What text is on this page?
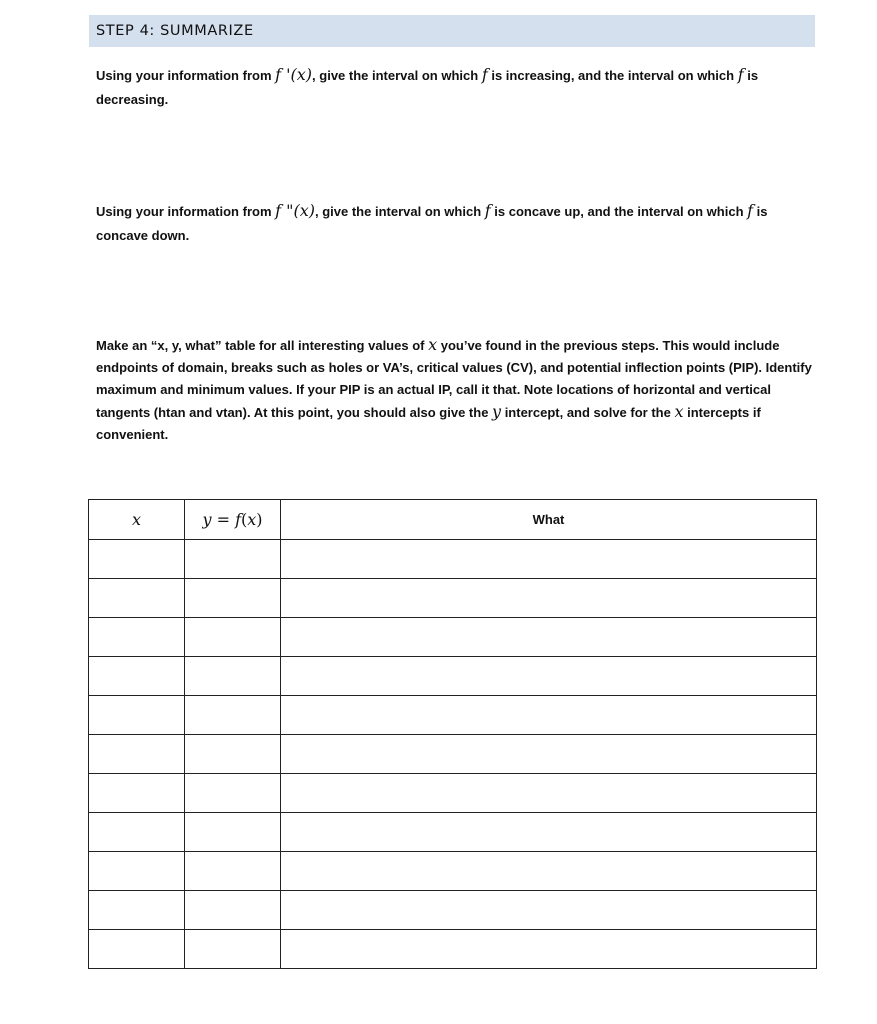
STEP 4: SUMMARIZE

Using your information from f '(x), give the interval on which f is increasing, and the interval on which f is
decreasing.

Using your information from f "(x), give the interval on which f is concave up, and the interval on which f is
concave down.

Make an “x, y, what” table for all interesting values of x you’ve found in the previous steps. This would include
endpoints of domain, breaks such as holes or VA’s, critical values (CV), and potential inflection points (PIP). Identify
maximum and minimum values. If your PIP is an actual IP, call it that. Note locations of horizontal and vertical
tangents (htan and vtan). At this point, you should also give the y intercept, and solve for the x intercepts if
convenient.

x	y = f(x)	What
